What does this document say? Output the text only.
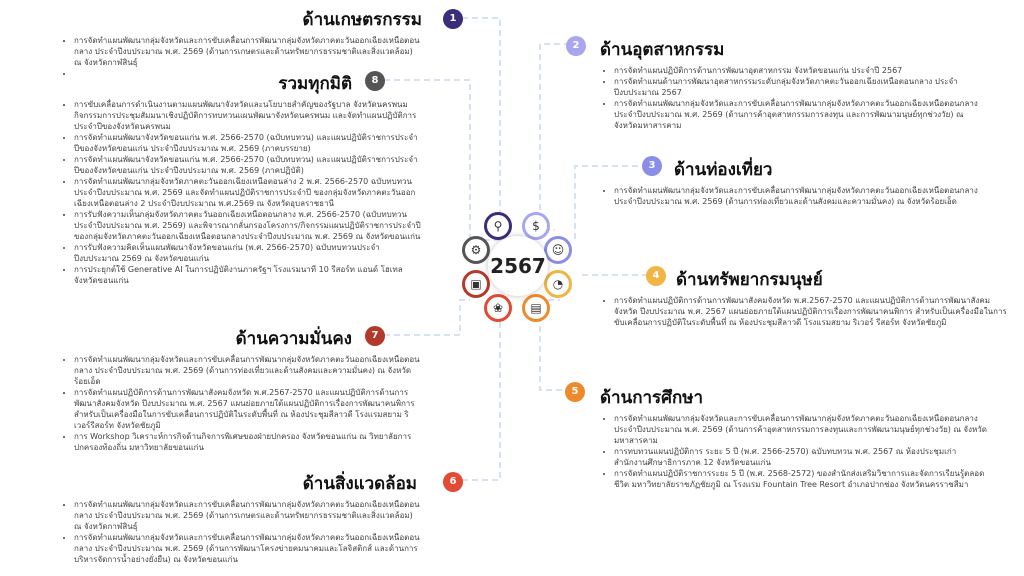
ด้านเกษตรกรรม
• การจัดทำแผนพัฒนากลุ่มจังหวัดและการขับเคลื่อนการพัฒนากลุ่มจังหวัดภาคตะวันออกเฉียงเหนือตอนกลาง ประจำปีงบประมาณ พ.ศ. 2569 (ด้านการเกษตรและด้านทรัพยากรธรรมชาติและสิ่งแวดล้อม) ณ จังหวัดกาฬสินธุ์
•
1
รวมทุกมิติ
• การขับเคลื่อนการดำเนินงานตามแผนพัฒนาจังหวัดและนโยบายสำคัญของรัฐบาล จังหวัดนครพนม กิจกรรมการประชุมสัมมนาเชิงปฏิบัติการทบทวนแผนพัฒนาจังหวัดนครพนม และจัดทำแผนปฏิบัติการประจำปีของจังหวัดนครพนม
• การจัดทำแผนพัฒนาจังหวัดขอนแก่น พ.ศ. 2566-2570 (ฉบับทบทวน) และแผนปฏิบัติราชการประจำปีของจังหวัดขอนแก่น ประจำปีงบประมาณ พ.ศ. 2569 (ภาคบรรยาย)
• การจัดทำแผนพัฒนาจังหวัดขอนแก่น พ.ศ. 2566-2570 (ฉบับทบทวน) และแผนปฏิบัติราชการประจำปีของจังหวัดขอนแก่น ประจำปีงบประมาณ พ.ศ. 2569 (ภาคปฏิบัติ)
• การจัดทำแผนพัฒนากลุ่มจังหวัดภาคตะวันออกเฉียงเหนือตอนล่าง 2 พ.ศ. 2566-2570 ฉบับทบทวนประจำปีงบประมาณ พ.ศ. 2569 และจัดทำแผนปฏิบัติราชการประจำปี ของกลุ่มจังหวัดภาคตะวันออกเฉียงเหนือตอนล่าง 2 ประจำปีงบประมาณ พ.ศ.2569 ณ จังหวัดอุบลราชธานี
• การรับฟังความเห็นกลุ่มจังหวัดภาคตะวันออกเฉียงเหนือตอนกลาง พ.ศ. 2566-2570 (ฉบับทบทวนประจำปีงบประมาณ พ.ศ. 2569) และพิจารณากลั่นกรองโครงการ/กิจกรรมแผนปฏิบัติราชการประจำปีของกลุ่มจังหวัดภาคตะวันออกเฉียงเหนือตอนกลางประจำปีงบประมาณ พ.ศ. 2569 ณ จังหวัดขอนแก่น
• การรับฟังความคิดเห็นแผนพัฒนาจังหวัดขอนแก่น (พ.ศ. 2566-2570) ฉบับทบทวนประจำปีงบประมาณ 2569 ณ จังหวัดขอนแก่น
• การประยุกต์ใช้ Generative AI ในการปฏิบัติงานภาครัฐฯ โรงแรมนาที 10 รีสอร์ท แอนด์ โฮเทล จังหวัดขอนแก่น
8
ด้านความมั่นคง
• การจัดทำแผนพัฒนากลุ่มจังหวัดและการขับเคลื่อนการพัฒนากลุ่มจังหวัดภาคตะวันออกเฉียงเหนือตอนกลาง ประจำปีงบประมาณ พ.ศ. 2569 (ด้านการท่องเที่ยวและด้านสังคมและความมั่นคง) ณ จังหวัดร้อยเอ็ด
• การจัดทำแผนปฏิบัติการด้านการพัฒนาสังคมจังหวัด พ.ศ.2567-2570 และแผนปฏิบัติการด้านการพัฒนาสังคมจังหวัด ปีงบประมาณ พ.ศ. 2567 แผนย่อยภายใต้แผนปฏิบัติการเรื่องการพัฒนาคนพิการ สำหรับเป็นเครื่องมือในการขับเคลื่อนการปฏิบัติในระดับพื้นที่ ณ ห้องประชุมสีลาวดี โรงแรมสยาม ริเวอร์รีสอร์ท จังหวัดชัยภูมิ
• การ Workshop วิเคราะห์การกิจด้านกิจการพิเศษของฝ่ายปกครอง จังหวัดขอนแก่น ณ วิทยาลัยการปกครองท้องถิ่น มหาวิทยาลัยขอนแก่น
7
ด้านสิ่งแวดล้อม
• การจัดทำแผนพัฒนากลุ่มจังหวัดและการขับเคลื่อนการพัฒนากลุ่มจังหวัดภาคตะวันออกเฉียงเหนือตอนกลาง ประจำปีงบประมาณ พ.ศ. 2569 (ด้านการเกษตรและด้านทรัพยากรธรรมชาติและสิ่งแวดล้อม) ณ จังหวัดกาฬสินธุ์
• การจัดทำแผนพัฒนากลุ่มจังหวัดและการขับเคลื่อนการพัฒนากลุ่มจังหวัดภาคตะวันออกเฉียงเหนือตอนกลาง ประจำปีงบประมาณ พ.ศ. 2569 (ด้านการพัฒนาโครงข่ายคมนาคมและโลจิสติกส์ และด้านการบริหารจัดการน้ำอย่างยั่งยืน) ณ จังหวัดขอนแก่น
6
2	ด้านอุตสาหกรรม
• การจัดทำแผนปฏิบัติการด้านการพัฒนาอุตสาหกรรม จังหวัดขอนแก่น ประจำปี 2567
• การจัดทำแผนด้านการพัฒนาอุตสาหกรรมระดับกลุ่มจังหวัดภาคตะวันออกเฉียงเหนือตอนกลาง ประจำปีงบประมาณ 2567
• การจัดทำแผนพัฒนากลุ่มจังหวัดและการขับเคลื่อนการพัฒนากลุ่มจังหวัดภาคตะวันออกเฉียงเหนือตอนกลาง ประจำปีงบประมาณ พ.ศ. 2569 (ด้านการค้าอุตสาหกรรมการลงทุน และการพัฒนามนุษย์ทุกช่วงวัย) ณ จังหวัดมหาสารคาม
3	ด้านท่องเที่ยว
• การจัดทำแผนพัฒนากลุ่มจังหวัดและการขับเคลื่อนการพัฒนากลุ่มจังหวัดภาคตะวันออกเฉียงเหนือตอนกลาง ประจำปีงบประมาณ พ.ศ. 2569 (ด้านการท่องเที่ยวและด้านสังคมและความมั่นคง) ณ จังหวัดร้อยเอ็ด
4 ด้านทรัพยากรมนุษย์
• การจัดทำแผนปฏิบัติการด้านการพัฒนาสังคมจังหวัด พ.ศ.2567-2570 และแผนปฏิบัติการด้านการพัฒนาสังคมจังหวัด ปีงบประมาณ พ.ศ. 2567 แผนย่อยภายใต้แผนปฏิบัติการเรื่องการพัฒนาคนพิการ สำหรับเป็นเครื่องมือในการขับเคลื่อนการปฏิบัติในระดับพื้นที่ ณ ห้องประชุมสีลาวดี โรงแรมสยาม ริเวอร์ รีสอร์ท จังหวัดชัยภูมิ
5	ด้านการศึกษา
• การจัดทำแผนพัฒนากลุ่มจังหวัดและการขับเคลื่อนการพัฒนากลุ่มจังหวัดภาคตะวันออกเฉียงเหนือตอนกลาง ประจำปีงบประมาณ พ.ศ. 2569 (ด้านการค้าอุตสาหกรรมการลงทุนและการพัฒนามนุษย์ทุกช่วงวัย) ณ จังหวัดมหาสารคาม
• การทบทวนแผนปฏิบัติการ ระยะ 5 ปี (พ.ศ. 2566-2570) ฉบับทบทวน พ.ศ. 2567 ณ ห้องประชุมเก่า สำนักงานศึกษาธิการภาค 12 จังหวัดขอนแก่น
• การจัดทำแผนปฏิบัติราชการระยะ 5 ปี (พ.ศ. 2568-2572) ของสำนักส่งเสริมวิชาการและจัดการเรียนรู้ตลอดชีวิต มหาวิทยาลัยราชภัฏชัยภูมิ ณ โรงแรม Fountain Tree Resort อำเภอปากช่อง จังหวัดนครราชสีมา
⚲	$
☺
◔
▤
❀
▣
⚙
2567
